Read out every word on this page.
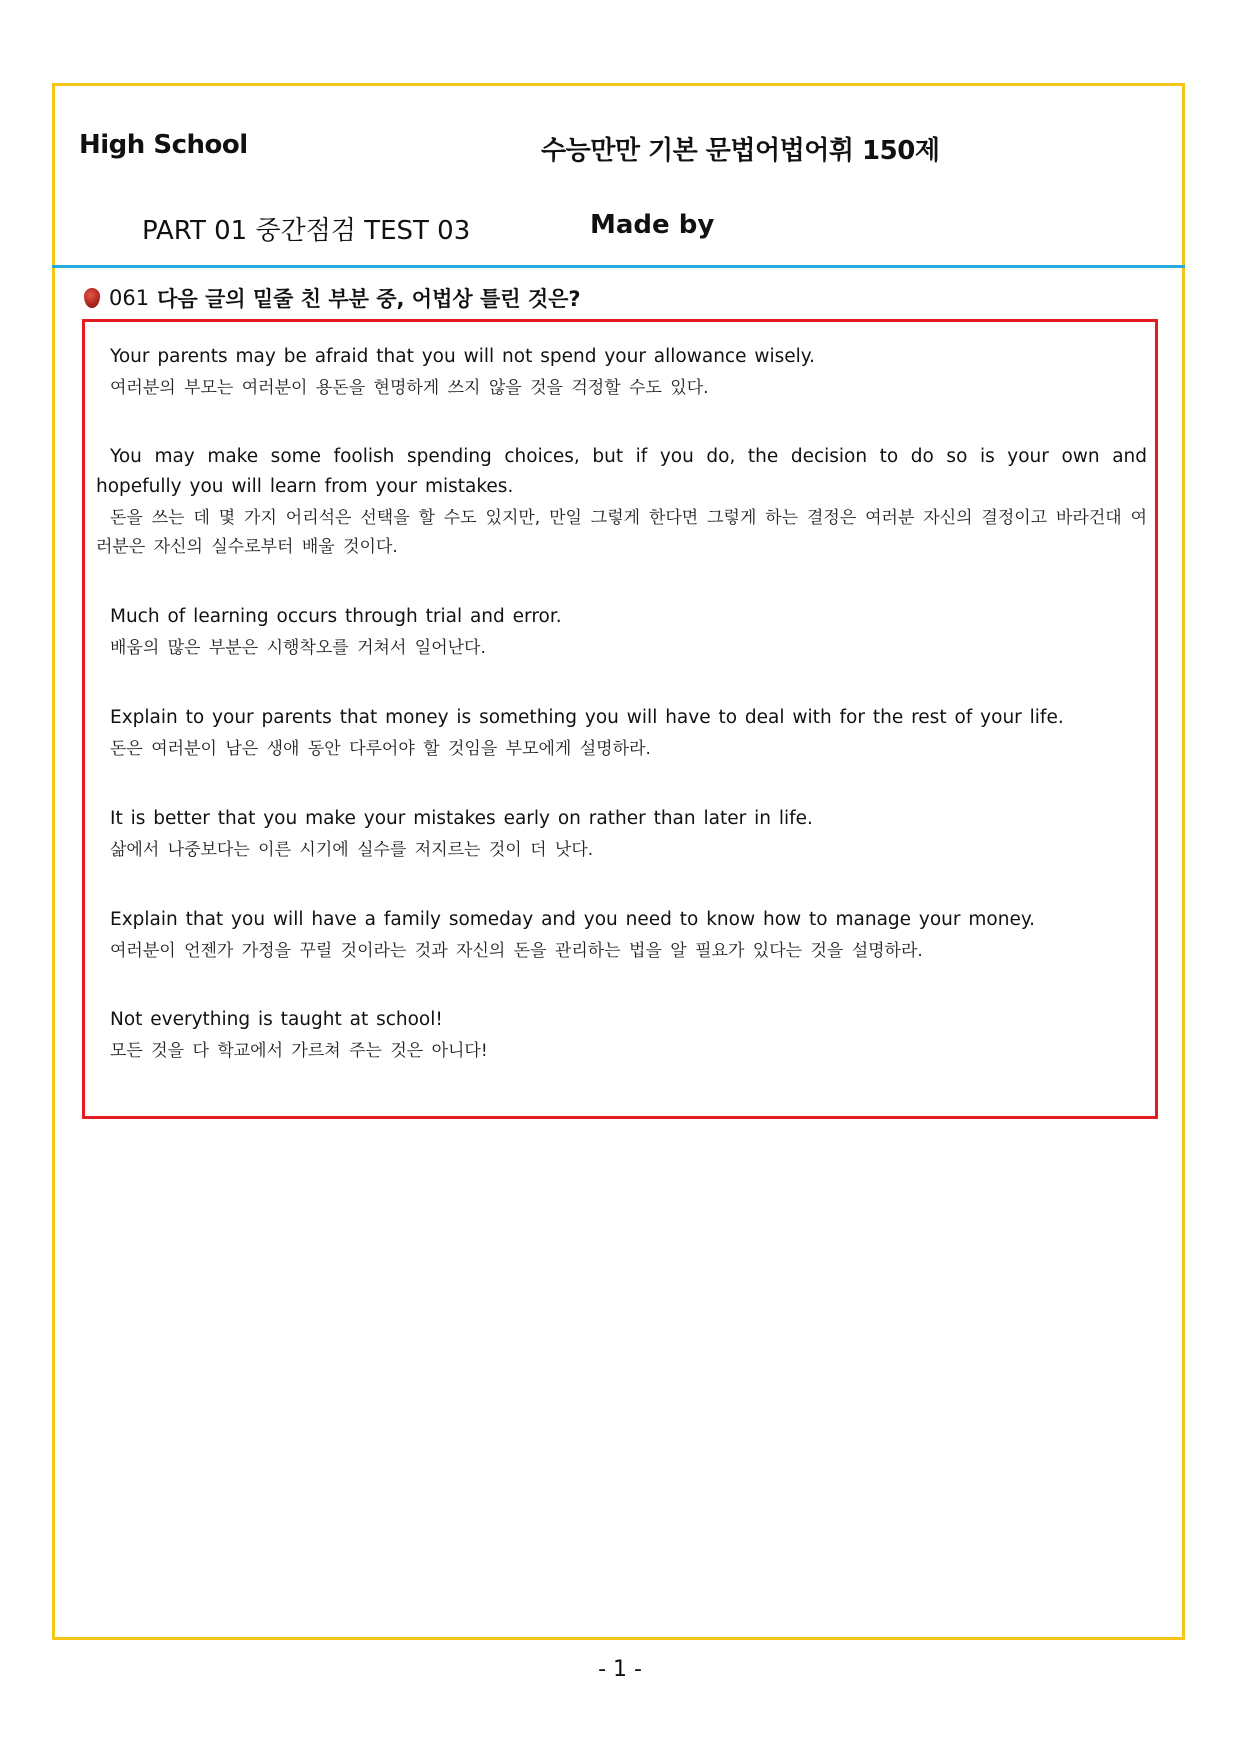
High School	수능만만 기본 문법어법어휘 150제
PART 01 중간점검 TEST 03	Made by
061 다음 글의 밑줄 친 부분 중, 어법상 틀린 것은?
Your parents may be afraid that you will not spend your allowance wisely.
여러분의 부모는 여러분이 용돈을 현명하게 쓰지 않을 것을 걱정할 수도 있다.
You may make some foolish spending choices, but if you do, the decision to do so is your own and hopefully you will learn from your mistakes.
돈을 쓰는 데 몇 가지 어리석은 선택을 할 수도 있지만, 만일 그렇게 한다면 그렇게 하는 결정은 여러분 자신의 결정이고 바라건대 여러분은 자신의 실수로부터 배울 것이다.
Much of learning occurs through trial and error.
배움의 많은 부분은 시행착오를 거쳐서 일어난다.
Explain to your parents that money is something you will have to deal with for the rest of your life.
돈은 여러분이 남은 생애 동안 다루어야 할 것임을 부모에게 설명하라.
It is better that you make your mistakes early on rather than later in life.
삶에서 나중보다는 이른 시기에 실수를 저지르는 것이 더 낫다.
Explain that you will have a family someday and you need to know how to manage your money.
여러분이 언젠가 가정을 꾸릴 것이라는 것과 자신의 돈을 관리하는 법을 알 필요가 있다는 것을 설명하라.
Not everything is taught at school!
모든 것을 다 학교에서 가르쳐 주는 것은 아니다!
- 1 -
